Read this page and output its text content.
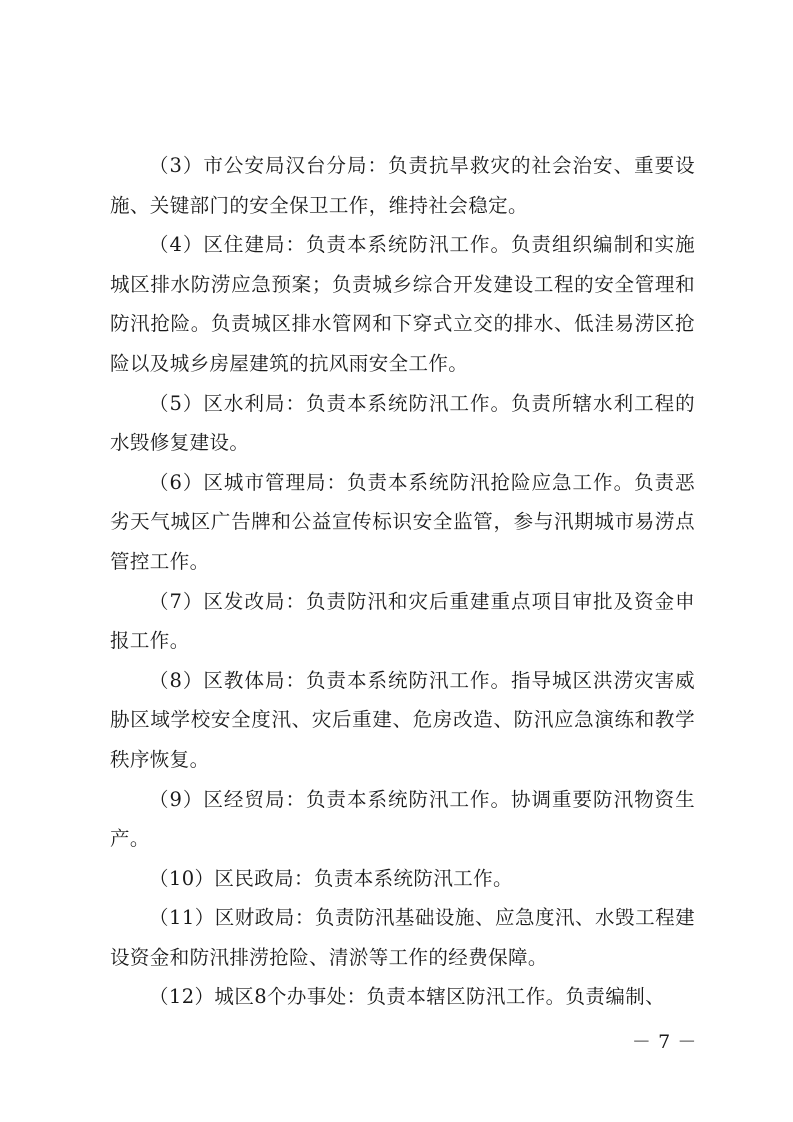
（3）市公安局汉台分局：负责抗旱救灾的社会治安、重要设施、关键部门的安全保卫工作，维持社会稳定。

（4）区住建局：负责本系统防汛工作。负责组织编制和实施城区排水防涝应急预案；负责城乡综合开发建设工程的安全管理和防汛抢险。负责城区排水管网和下穿式立交的排水、低洼易涝区抢险以及城乡房屋建筑的抗风雨安全工作。

（5）区水利局：负责本系统防汛工作。负责所辖水利工程的水毁修复建设。

（6）区城市管理局：负责本系统防汛抢险应急工作。负责恶劣天气城区广告牌和公益宣传标识安全监管，参与汛期城市易涝点管控工作。

（7）区发改局：负责防汛和灾后重建重点项目审批及资金申报工作。

（8）区教体局：负责本系统防汛工作。指导城区洪涝灾害威胁区域学校安全度汛、灾后重建、危房改造、防汛应急演练和教学秩序恢复。

（9）区经贸局：负责本系统防汛工作。协调重要防汛物资生产。

（10）区民政局：负责本系统防汛工作。

（11）区财政局：负责防汛基础设施、应急度汛、水毁工程建设资金和防汛排涝抢险、清淤等工作的经费保障。

（12）城区8个办事处：负责本辖区防汛工作。负责编制、

－ 7 －
